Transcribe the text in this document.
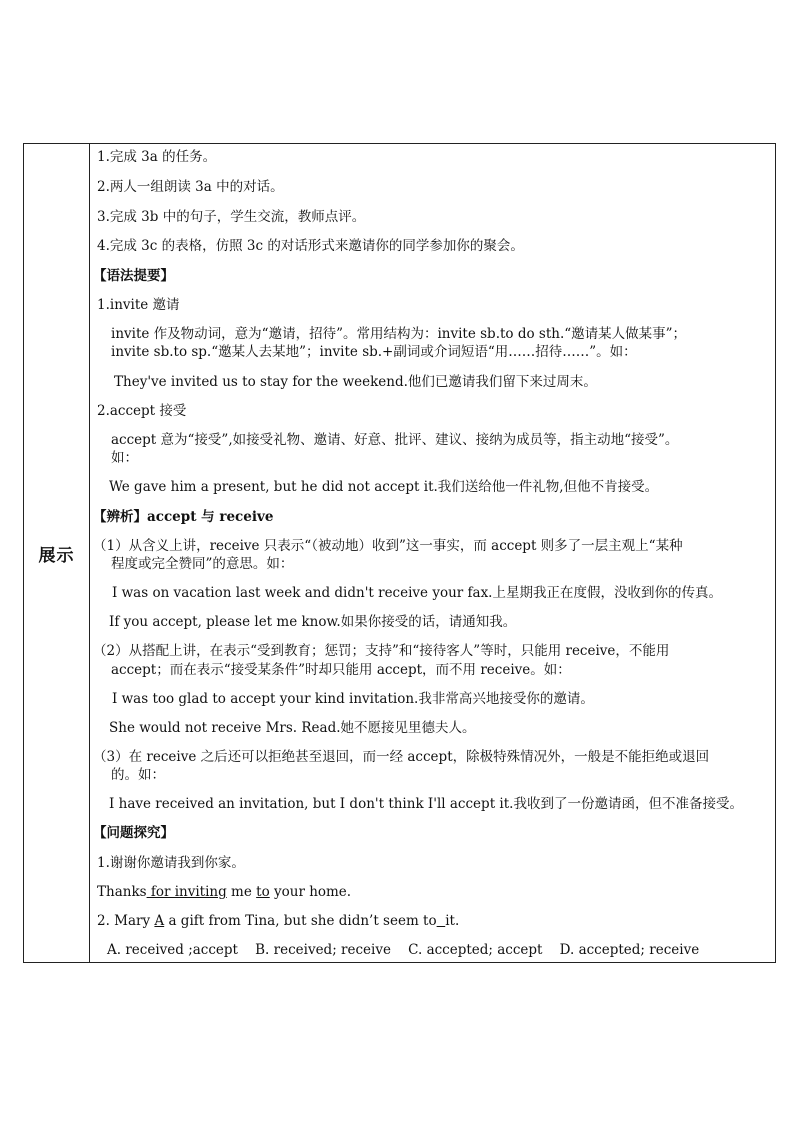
展示
1.完成 3a 的任务。
2.两人一组朗读 3a 中的对话。
3.完成 3b 中的句子，学生交流，教师点评。
4.完成 3c 的表格，仿照 3c 的对话形式来邀请你的同学参加你的聚会。
【语法提要】
1.invite 邀请
invite 作及物动词，意为“邀请，招待”。常用结构为：invite sb.to do sth.“邀请某人做某事”；
invite sb.to sp.“邀某人去某地”；invite sb.+副词或介词短语“用……招待……”。如：
They've invited us to stay for the weekend.他们已邀请我们留下来过周末。
2.accept 接受
accept 意为“接受”,如接受礼物、邀请、好意、批评、建议、接纳为成员等，指主动地“接受”。
如：
We gave him a present, but he did not accept it.我们送给他一件礼物,但他不肯接受。
【辨析】accept 与 receive
（1）从含义上讲，receive 只表示“（被动地）收到”这一事实，而 accept 则多了一层主观上“某种
程度或完全赞同”的意思。如：
I was on vacation last week and didn't receive your fax.上星期我正在度假，没收到你的传真。
If you accept, please let me know.如果你接受的话，请通知我。
（2）从搭配上讲，在表示“受到教育；惩罚；支持”和“接待客人”等时，只能用 receive，不能用
accept；而在表示“接受某条件”时却只能用 accept，而不用 receive。如：
I was too glad to accept your kind invitation.我非常高兴地接受你的邀请。
She would not receive Mrs. Read.她不愿接见里德夫人。
（3）在 receive 之后还可以拒绝甚至退回，而一经 accept，除极特殊情况外，一般是不能拒绝或退回
的。如：
I have received an invitation, but I don't think I'll accept it.我收到了一份邀请函，但不准备接受。
【问题探究】
1.谢谢你邀请我到你家。
Thanks for inviting me to your home.
2. Mary A a gift from Tina, but she didn’t seem to it.
A. received ;accept    B. received; receive    C. accepted; accept    D. accepted; receive
